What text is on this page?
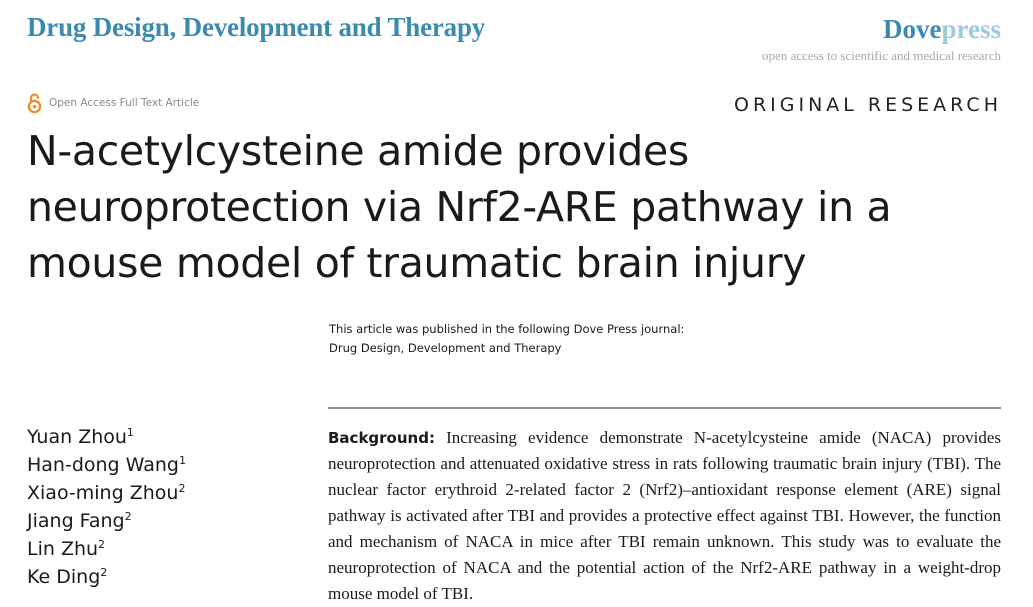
Drug Design, Development and Therapy	Dovepress
open access to scientific and medical research
Open Access Full Text Article	ORIGINAL RESEARCH
N-acetylcysteine amide provides neuroprotection via Nrf2-ARE pathway in a mouse model of traumatic brain injury
This article was published in the following Dove Press journal:
Drug Design, Development and Therapy
Yuan Zhou$^1$
Han-dong Wang$^1$
Xiao-ming Zhou$^2$
Jiang Fang$^2$
Lin Zhu$^2$
Ke Ding$^2$

Background: Increasing evidence demonstrate N-acetylcysteine amide (NACA) provides neuroprotection and attenuated oxidative stress in rats following traumatic brain injury (TBI). The nuclear factor erythroid 2-related factor 2 (Nrf2)–antioxidant response element (ARE) signal pathway is activated after TBI and provides a protective effect against TBI. However, the function and mechanism of NACA in mice after TBI remain unknown. This study was to evaluate the neuroprotection of NACA and the potential action of the Nrf2-ARE pathway in a weight-drop mouse model of TBI.
